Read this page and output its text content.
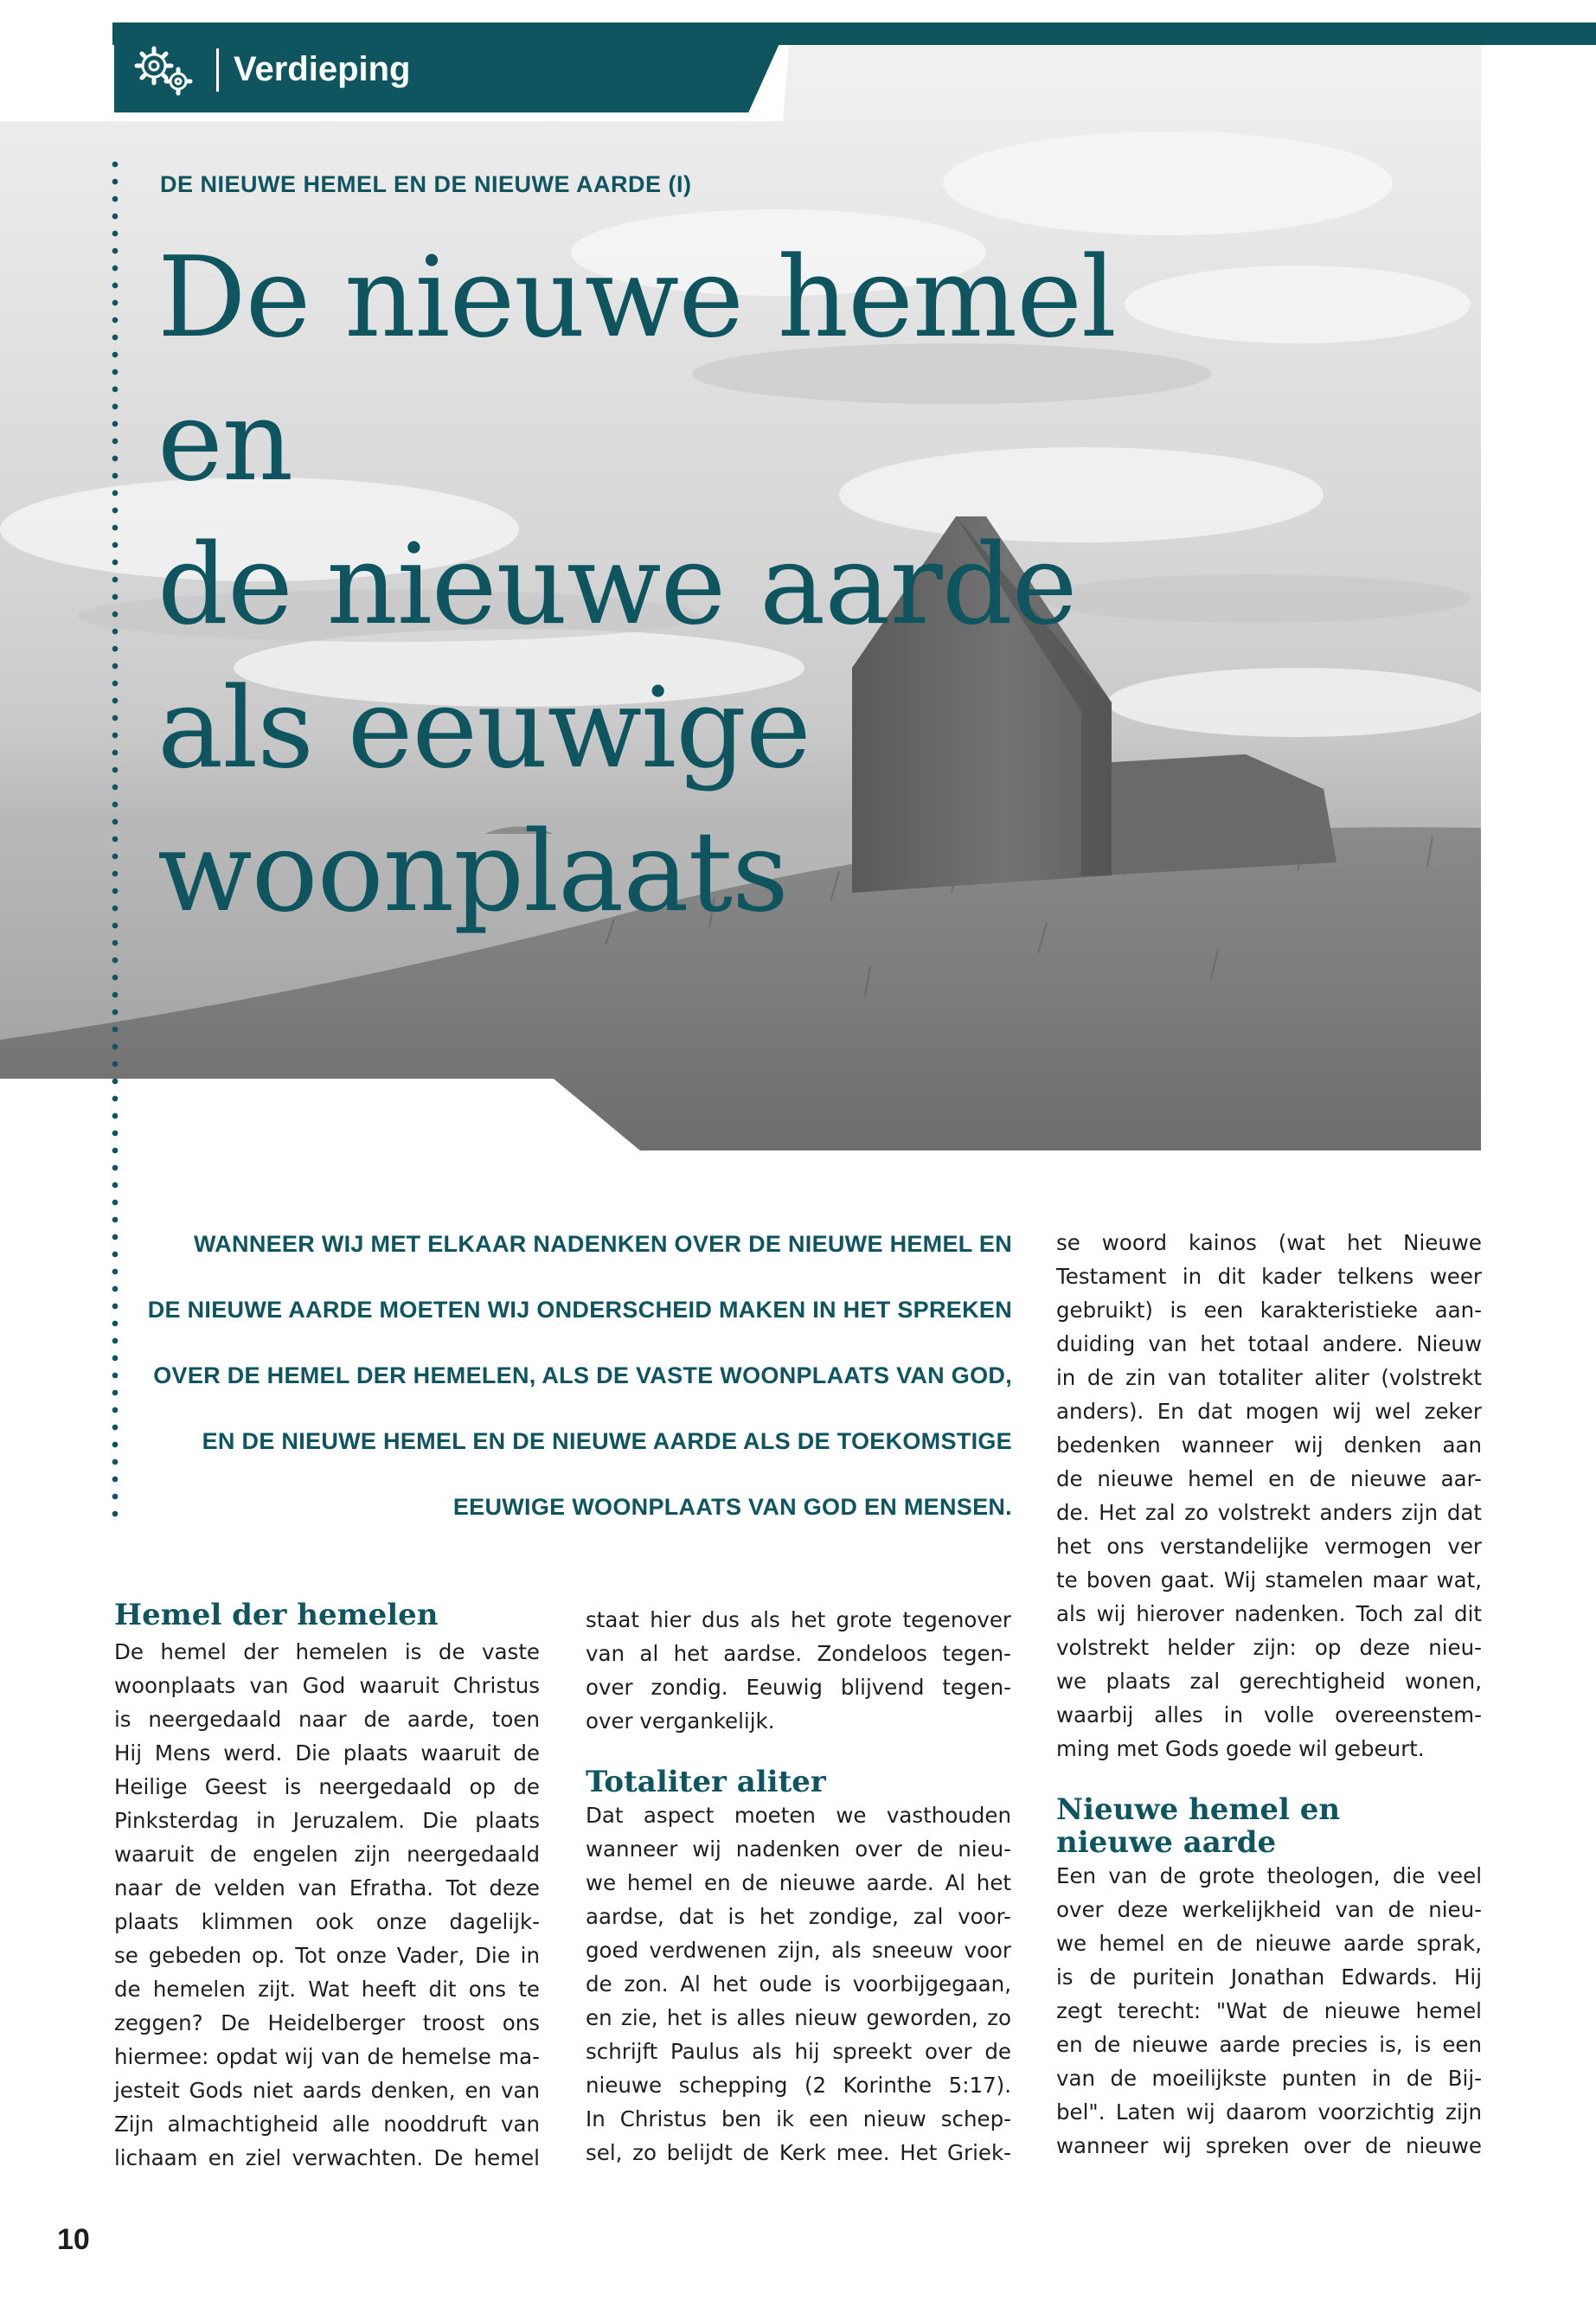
Verdieping
DE NIEUWE HEMEL EN DE NIEUWE AARDE (I)
De nieuwe hemel en
de nieuwe aarde
als eeuwige
woonplaats
WANNEER WIJ MET ELKAAR NADENKEN OVER DE NIEUWE HEMEL EN
DE NIEUWE AARDE MOETEN WIJ ONDERSCHEID MAKEN IN HET SPREKEN
OVER DE HEMEL DER HEMELEN, ALS DE VASTE WOONPLAATS VAN GOD,
EN DE NIEUWE HEMEL EN DE NIEUWE AARDE ALS DE TOEKOMSTIGE
EEUWIGE WOONPLAATS VAN GOD EN MENSEN.
Hemel der hemelen
De hemel der hemelen is de vaste
woonplaats van God waaruit Christus
is neergedaald naar de aarde, toen
Hij Mens werd. Die plaats waaruit de
Heilige Geest is neergedaald op de
Pinksterdag in Jeruzalem. Die plaats
waaruit de engelen zijn neergedaald
naar de velden van Efratha. Tot deze
plaats klimmen ook onze dagelijk-
se gebeden op. Tot onze Vader, Die in
de hemelen zijt. Wat heeft dit ons te
zeggen? De Heidelberger troost ons
hiermee: opdat wij van de hemelse ma-
jesteit Gods niet aards denken, en van
Zijn almachtigheid alle nooddruft van
lichaam en ziel verwachten. De hemel
staat hier dus als het grote tegenover
van al het aardse. Zondeloos tegen-
over zondig. Eeuwig blijvend tegen-
over vergankelijk.
Totaliter aliter
Dat aspect moeten we vasthouden
wanneer wij nadenken over de nieu-
we hemel en de nieuwe aarde. Al het
aardse, dat is het zondige, zal voor-
goed verdwenen zijn, als sneeuw voor
de zon. Al het oude is voorbijgegaan,
en zie, het is alles nieuw geworden, zo
schrijft Paulus als hij spreekt over de
nieuwe schepping (2 Korinthe 5:17).
In Christus ben ik een nieuw schep-
sel, zo belijdt de Kerk mee. Het Griek-
se woord kainos (wat het Nieuwe
Testament in dit kader telkens weer
gebruikt) is een karakteristieke aan-
duiding van het totaal andere. Nieuw
in de zin van totaliter aliter (volstrekt
anders). En dat mogen wij wel zeker
bedenken wanneer wij denken aan
de nieuwe hemel en de nieuwe aar-
de. Het zal zo volstrekt anders zijn dat
het ons verstandelijke vermogen ver
te boven gaat. Wij stamelen maar wat,
als wij hierover nadenken. Toch zal dit
volstrekt helder zijn: op deze nieu-
we plaats zal gerechtigheid wonen,
waarbij alles in volle overeenstem-
ming met Gods goede wil gebeurt.
Nieuwe hemel en
nieuwe aarde
Een van de grote theologen, die veel
over deze werkelijkheid van de nieu-
we hemel en de nieuwe aarde sprak,
is de puritein Jonathan Edwards. Hij
zegt terecht: "Wat de nieuwe hemel
en de nieuwe aarde precies is, is een
van de moeilijkste punten in de Bij-
bel". Laten wij daarom voorzichtig zijn
wanneer wij spreken over de nieuwe
10
